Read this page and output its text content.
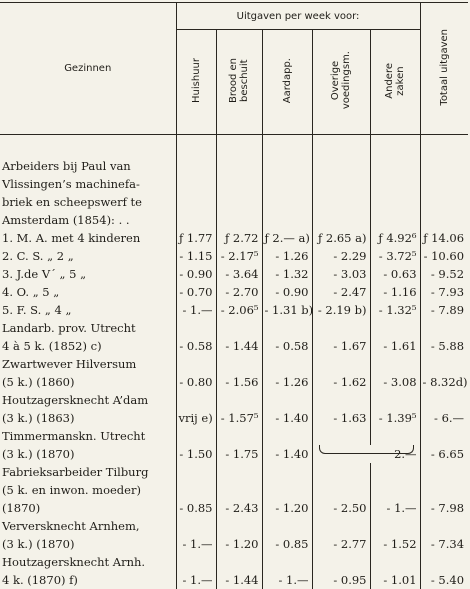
Gezinnen	Uitgaven per week voor:					Totaal uitgaven
	Huishuur	Brood en
beschuit	Aardapp.	Overige
voedingsm.	Andere
zaken	

Arbeiders bij Paul van						
Vlissingen’s machinefa-						
briek en scheepswerf te						
Amsterdam (1854): . .						
1. M. A. met 4 kinderen	ƒ 1.77	ƒ 2.72	ƒ 2.— a)	ƒ 2.65 a)	ƒ 4.92⁶	ƒ 14.06
2. C. S. „ 2 „	- 1.15	- 2.17⁵	- 1.26	- 2.29	- 3.72⁵	- 10.60
3. J.de V´ „ 5 „	- 0.90	- 3.64	- 1.32	- 3.03	- 0.63	- 9.52
4. O. „ 5 „	- 0.70	- 2.70	- 0.90	- 2.47	- 1.16	- 7.93
5. F. S. „ 4 „	- 1.—	- 2.06⁵	- 1.31 b)	- 2.19 b)	- 1.32⁵	- 7.89
Landarb. prov. Utrecht						
4 à 5 k. (1852) c)	- 0.58	- 1.44	- 0.58	- 1.67	- 1.61	- 5.88
Zwartwever Hilversum						
(5 k.) (1860)	- 0.80	- 1.56	- 1.26	- 1.62	- 3.08	- 8.32d)
Houtzagersknecht A’dam						
(3 k.) (1863)	vrij e)	- 1.57⁵	- 1.40	- 1.63	- 1.39⁵	- 6.—
Timmermanskn. Utrecht						
(3 k.) (1870)	- 1.50	- 1.75	- 1.40	2.—		- 6.65
Fabrieksarbeider Tilburg						
(5 k. en inwon. moeder)						
(1870)	- 0.85	- 2.43	- 1.20	- 2.50	- 1.—	- 7.98
Verversknecht Arnhem,						
(3 k.) (1870)	- 1.—	- 1.20	- 0.85	- 2.77	- 1.52	- 7.34
Houtzagersknecht Arnh.						
4 k. (1870) f)	- 1.—	- 1.44	- 1.—	- 0.95	- 1.01	- 5.40
